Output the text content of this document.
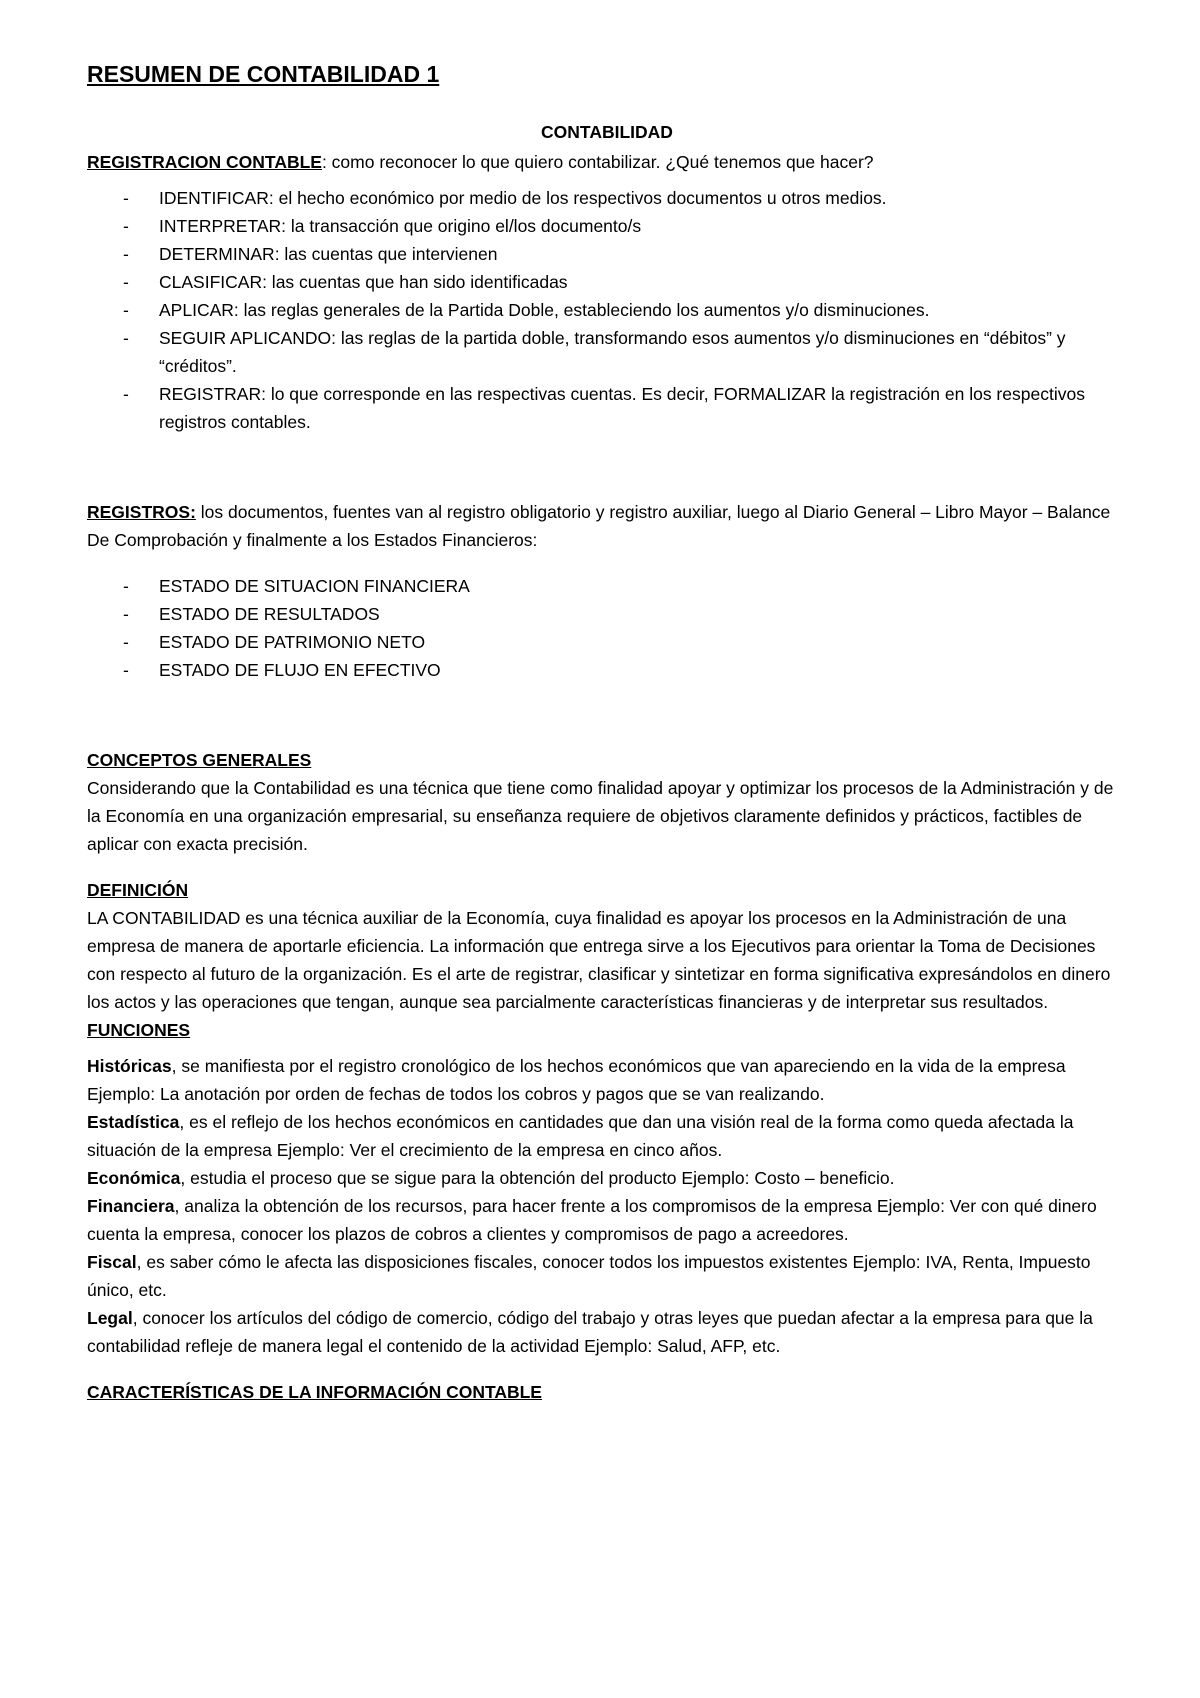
RESUMEN DE CONTABILIDAD 1

CONTABILIDAD

REGISTRACION CONTABLE: como reconocer lo que quiero contabilizar. ¿Qué tenemos que hacer?

- IDENTIFICAR: el hecho económico por medio de los respectivos documentos u otros medios.
- INTERPRETAR: la transacción que origino el/los documento/s
- DETERMINAR: las cuentas que intervienen
- CLASIFICAR: las cuentas que han sido identificadas
- APLICAR: las reglas generales de la Partida Doble, estableciendo los aumentos y/o disminuciones.
- SEGUIR APLICANDO: las reglas de la partida doble, transformando esos aumentos y/o disminuciones en “débitos” y “créditos”.
- REGISTRAR: lo que corresponde en las respectivas cuentas. Es decir, FORMALIZAR la registración en los respectivos registros contables.

REGISTROS: los documentos, fuentes van al registro obligatorio y registro auxiliar, luego al Diario General – Libro Mayor – Balance De Comprobación y finalmente a los Estados Financieros:

- ESTADO DE SITUACION FINANCIERA
- ESTADO DE RESULTADOS
- ESTADO DE PATRIMONIO NETO
- ESTADO DE FLUJO EN EFECTIVO
CONCEPTOS GENERALES

Considerando que la Contabilidad es una técnica que tiene como finalidad apoyar y optimizar los procesos de la Administración y de la Economía en una organización empresarial, su enseñanza requiere de objetivos claramente definidos y prácticos, factibles de aplicar con exacta precisión.

DEFINICIÓN

LA CONTABILIDAD es una técnica auxiliar de la Economía, cuya finalidad es apoyar los procesos en la Administración de una empresa de manera de aportarle eficiencia. La información que entrega sirve a los Ejecutivos para orientar la Toma de Decisiones con respecto al futuro de la organización. Es el arte de registrar, clasificar y sintetizar en forma significativa expresándolos en dinero los actos y las operaciones que tengan, aunque sea parcialmente características financieras y de interpretar sus resultados.

FUNCIONES

Históricas, se manifiesta por el registro cronológico de los hechos económicos que van apareciendo en la vida de la empresa Ejemplo: La anotación por orden de fechas de todos los cobros y pagos que se van realizando.

Estadística, es el reflejo de los hechos económicos en cantidades que dan una visión real de la forma como queda afectada la situación de la empresa Ejemplo: Ver el crecimiento de la empresa en cinco años.

Económica, estudia el proceso que se sigue para la obtención del producto Ejemplo: Costo – beneficio.

Financiera, analiza la obtención de los recursos, para hacer frente a los compromisos de la empresa Ejemplo: Ver con qué dinero cuenta la empresa, conocer los plazos de cobros a clientes y compromisos de pago a acreedores.

Fiscal, es saber cómo le afecta las disposiciones fiscales, conocer todos los impuestos existentes Ejemplo: IVA, Renta, Impuesto único, etc.

Legal, conocer los artículos del código de comercio, código del trabajo y otras leyes que puedan afectar a la empresa para que la contabilidad refleje de manera legal el contenido de la actividad Ejemplo: Salud, AFP, etc.

CARACTERÍSTICAS DE LA INFORMACIÓN CONTABLE
